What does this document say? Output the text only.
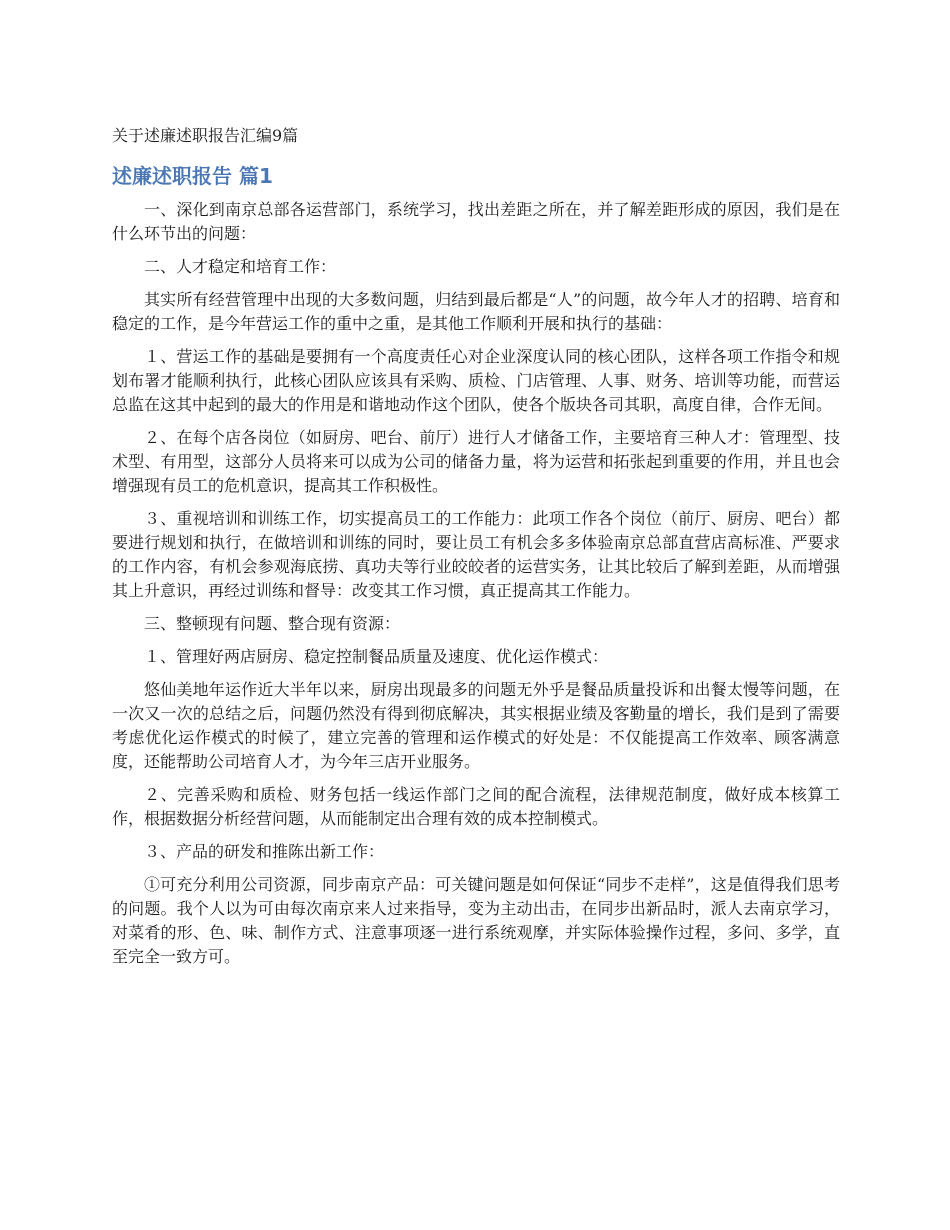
关于述廉述职报告汇编9篇

述廉述职报告 篇1

一、深化到南京总部各运营部门，系统学习，找出差距之所在，并了解差距形成的原因，我们是在什么环节出的问题：

二、人才稳定和培育工作：

其实所有经营管理中出现的大多数问题，归结到最后都是“人”的问题，故今年人才的招聘、培育和稳定的工作，是今年营运工作的重中之重，是其他工作顺利开展和执行的基础：

１、营运工作的基础是要拥有一个高度责任心对企业深度认同的核心团队，这样各项工作指令和规划布署才能顺利执行，此核心团队应该具有采购、质检、门店管理、人事、财务、培训等功能，而营运总监在这其中起到的最大的作用是和谐地动作这个团队，使各个版块各司其职，高度自律，合作无间。

２、在每个店各岗位（如厨房、吧台、前厅）进行人才储备工作，主要培育三种人才：管理型、技术型、有用型，这部分人员将来可以成为公司的储备力量，将为运营和拓张起到重要的作用，并且也会增强现有员工的危机意识，提高其工作积极性。

３、重视培训和训练工作，切实提高员工的工作能力：此项工作各个岗位（前厅、厨房、吧台）都要进行规划和执行，在做培训和训练的同时，要让员工有机会多多体验南京总部直营店高标准、严要求的工作内容，有机会参观海底捞、真功夫等行业皎皎者的运营实务，让其比较后了解到差距，从而增强其上升意识，再经过训练和督导：改变其工作习惯，真正提高其工作能力。

三、整顿现有问题、整合现有资源：

１、管理好两店厨房、稳定控制餐品质量及速度、优化运作模式：

悠仙美地年运作近大半年以来，厨房出现最多的问题无外乎是餐品质量投诉和出餐太慢等问题，在一次又一次的总结之后，问题仍然没有得到彻底解决，其实根据业绩及客勤量的增长，我们是到了需要考虑优化运作模式的时候了，建立完善的管理和运作模式的好处是：不仅能提高工作效率、顾客满意度，还能帮助公司培育人才，为今年三店开业服务。

２、完善采购和质检、财务包括一线运作部门之间的配合流程，法律规范制度，做好成本核算工作，根据数据分析经营问题，从而能制定出合理有效的成本控制模式。

３、产品的研发和推陈出新工作：

①可充分利用公司资源，同步南京产品：可关键问题是如何保证“同步不走样”，这是值得我们思考的问题。我个人以为可由每次南京来人过来指导，变为主动出击，在同步出新品时，派人去南京学习，对菜肴的形、色、味、制作方式、注意事项逐一进行系统观摩，并实际体验操作过程，多问、多学，直至完全一致方可。
